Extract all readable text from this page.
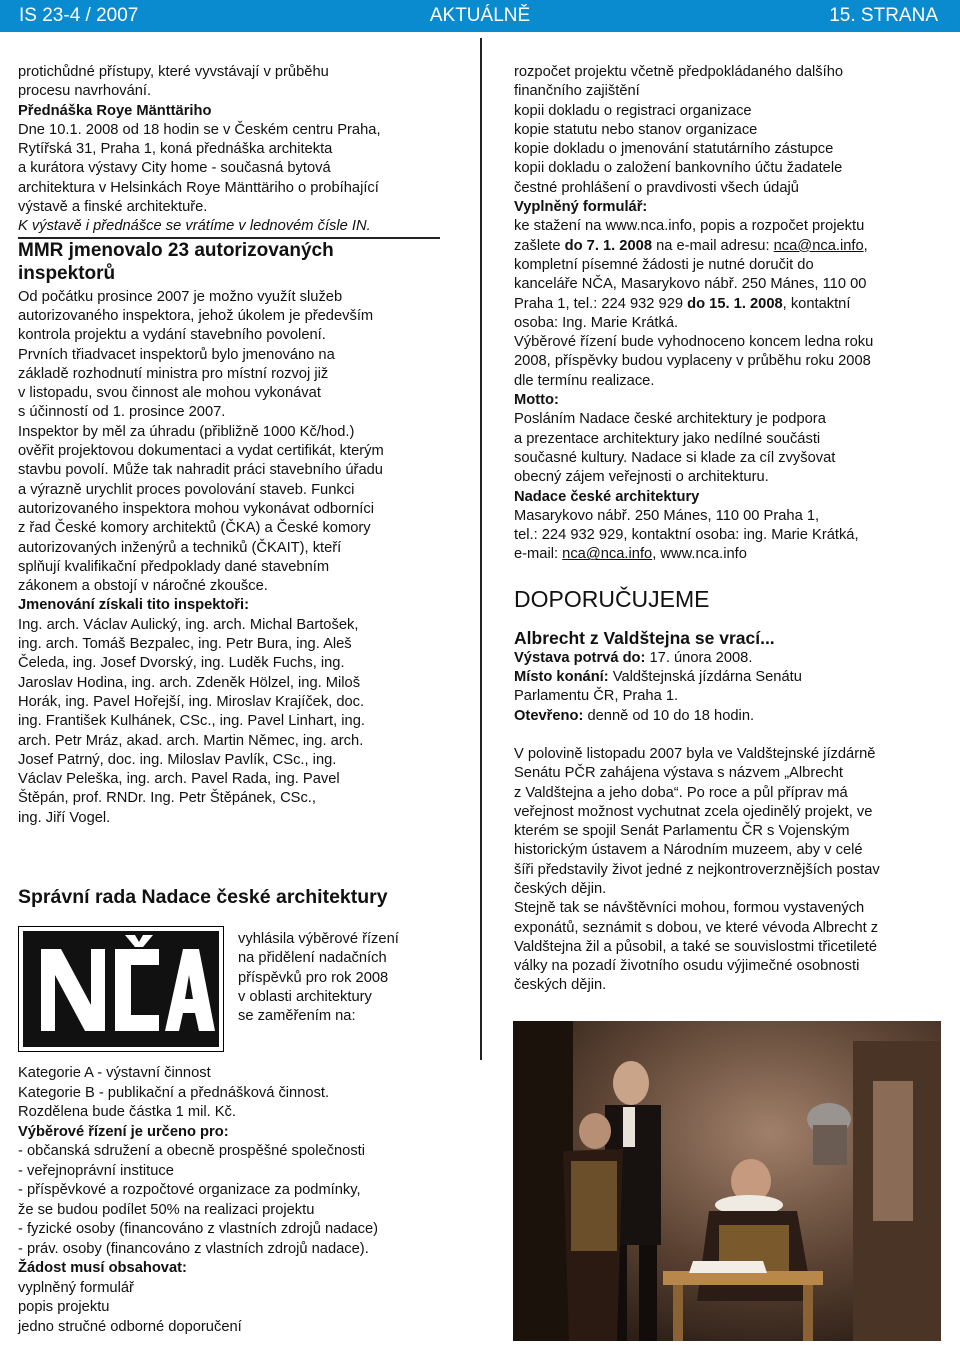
IS 23-4 / 2007	AKTUÁLNĚ	15. STRANA
protichůdné přístupy, které vyvstávají v průběhu
procesu navrhování.
Přednáška Roye Mänttäriho
Dne 10.1. 2008 od 18 hodin se v Českém centru Praha,
Rytířská 31, Praha 1, koná přednáška architekta
a kurátora výstavy City home - současná bytová
architektura v Helsinkách Roye Mänttäriho o probíhající
výstavě a finské architektuře.
K výstavě i přednášce se vrátíme v lednovém čísle IN.
MMR jmenovalo 23 autorizovaných
inspektorů
Od počátku prosince 2007 je možno využít služeb
autorizovaného inspektora, jehož úkolem je především
kontrola projektu a vydání stavebního povolení.
Prvních třiadvacet inspektorů bylo jmenováno na
základě rozhodnutí ministra pro místní rozvoj již
v listopadu, svou činnost ale mohou vykonávat
s účinností od 1. prosince 2007.
Inspektor by měl za úhradu (přibližně 1000 Kč/hod.)
ověřit projektovou dokumentaci a vydat certifikát, kterým
stavbu povolí. Může tak nahradit práci stavebního úřadu
a výrazně urychlit proces povolování staveb. Funkci
autorizovaného inspektora mohou vykonávat odborníci
z řad České komory architektů (ČKA) a České komory
autorizovaných inženýrů a techniků (ČKAIT), kteří
splňují kvalifikační předpoklady dané stavebním
zákonem a obstojí v náročné zkoušce.
Jmenování získali tito inspektoři:
Ing. arch. Václav Aulický, ing. arch. Michal Bartošek,
ing. arch. Tomáš Bezpalec, ing. Petr Bura, ing. Aleš
Čeleda, ing. Josef Dvorský, ing. Luděk Fuchs, ing.
Jaroslav Hodina, ing. arch. Zdeněk Hölzel, ing. Miloš
Horák, ing. Pavel Hořejší, ing. Miroslav Krajíček, doc.
ing. František Kulhánek, CSc., ing. Pavel Linhart, ing.
arch. Petr Mráz, akad. arch. Martin Němec, ing. arch.
Josef Patrný, doc. ing. Miloslav Pavlík, CSc., ing.
Václav Peleška, ing. arch. Pavel Rada, ing. Pavel
Štěpán, prof. RNDr. Ing. Petr Štěpánek, CSc.,
ing. Jiří Vogel.
Správní rada Nadace české architektury
vyhlásila výběrové řízení
na přidělení nadačních
příspěvků pro rok 2008
v oblasti architektury
se zaměřením na:
Kategorie A - výstavní činnost
Kategorie B - publikační a přednášková činnost.
Rozdělena bude částka 1 mil. Kč.
Výběrové řízení je určeno pro:
- občanská sdružení a obecně prospěšné společnosti
- veřejnoprávní instituce
- příspěvkové a rozpočtové organizace za podmínky,
že se budou podílet 50% na realizaci projektu
- fyzické osoby (financováno z vlastních zdrojů nadace)
- práv. osoby (financováno z vlastních zdrojů nadace).
Žádost musí obsahovat:
vyplněný formulář
popis projektu
jedno stručné odborné doporučení
rozpočet projektu včetně předpokládaného dalšího
finančního zajištění
kopii dokladu o registraci organizace
kopie statutu nebo stanov organizace
kopie dokladu o jmenování statutárního zástupce
kopii dokladu o založení bankovního účtu žadatele
čestné prohlášení o pravdivosti všech údajů
Vyplněný formulář:
ke stažení na www.nca.info, popis a rozpočet projektu
zašlete do 7. 1. 2008 na e-mail adresu: nca@nca.info,
kompletní písemné žádosti je nutné doručit do
kanceláře NČA, Masarykovo nábř. 250 Mánes, 110 00
Praha 1, tel.: 224 932 929 do 15. 1. 2008, kontaktní
osoba: Ing. Marie Krátká.
Výběrové řízení bude vyhodnoceno koncem ledna roku
2008, příspěvky budou vyplaceny v průběhu roku 2008
dle termínu realizace.
Motto:
Posláním Nadace české architektury je podpora
a prezentace architektury jako nedílné součásti
současné kultury. Nadace si klade za cíl zvyšovat
obecný zájem veřejnosti o architekturu.
Nadace české architektury
Masarykovo nábř. 250 Mánes, 110 00 Praha 1,
tel.: 224 932 929, kontaktní osoba: ing. Marie Krátká,
e-mail: nca@nca.info, www.nca.info
DOPORUČUJEME
Albrecht z Valdštejna se vrací...
Výstava potrvá do: 17. února 2008.
Místo konání: Valdštejnská jízdárna Senátu
Parlamentu ČR, Praha 1.
Otevřeno: denně od 10 do 18 hodin.
V polovině listopadu 2007 byla ve Valdštejnské jízdárně
Senátu PČR zahájena výstava s názvem „Albrecht
z Valdštejna a jeho doba“. Po roce a půl příprav má
veřejnost možnost vychutnat zcela ojedinělý projekt, ve
kterém se spojil Senát Parlamentu ČR s Vojenským
historickým ústavem a Národním muzeem, aby v celé
šíři představily život jedné z nejkontroverznějších postav
českých dějin.
Stejně tak se návštěvníci mohou, formou vystavených
exponátů, seznámit s dobou, ve které vévoda Albrecht z
Valdštejna žil a působil, a také se souvislostmi třicetileté
války na pozadí životního osudu výjimečné osobnosti
českých dějin.
